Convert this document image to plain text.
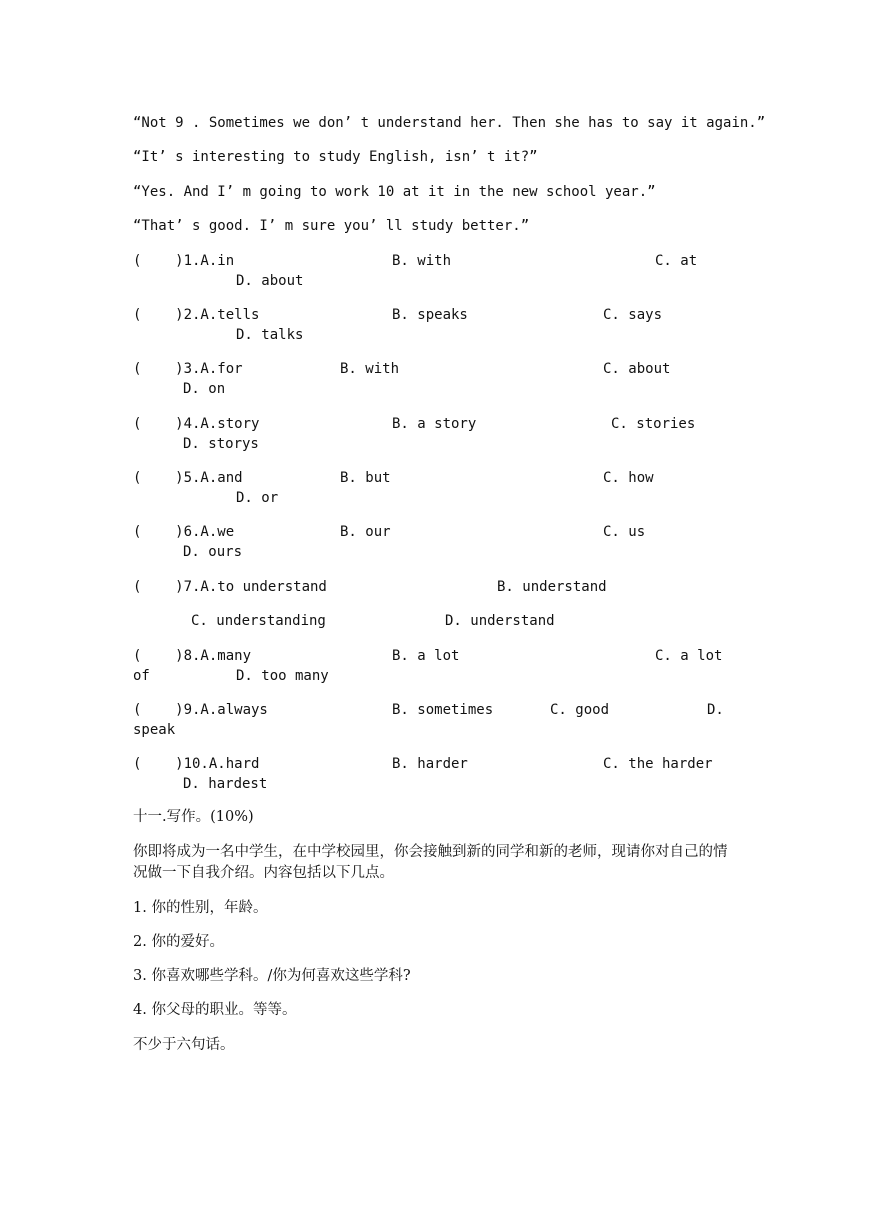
“Not 9 . Sometimes we don’ t understand her. Then she has to say it again.”
“It’ s interesting to study English, isn’ t it?”
“Yes. And I’ m going to work 10 at it in the new school year.”
“That’ s good. I’ m sure you’ ll study better.”
(    )1.A.in	B. with	C. at
D. about
(    )2.A.tells	B. speaks	C. says
D. talks
(    )3.A.for	B. with	C. about
D. on
(    )4.A.story	B. a story	C. stories
D. storys
(    )5.A.and	B. but	C. how
D. or
(    )6.A.we	B. our	C. us
D. ours
(    )7.A.to understand	B. understand
C. understanding	D. understand
(    )8.A.many	B. a lot	C. a lot
of	D. too many
(    )9.A.always	B. sometimes	C. good	D.
speak
(    )10.A.hard	B. harder	C. the harder
D. hardest
十一.写作。(10%)
你即将成为一名中学生，在中学校园里，你会接触到新的同学和新的老师，现请你对自己的情况做一下自我介绍。内容包括以下几点。
1. 你的性别，年龄。
2. 你的爱好。
3. 你喜欢哪些学科。/你为何喜欢这些学科?
4. 你父母的职业。等等。
不少于六句话。
